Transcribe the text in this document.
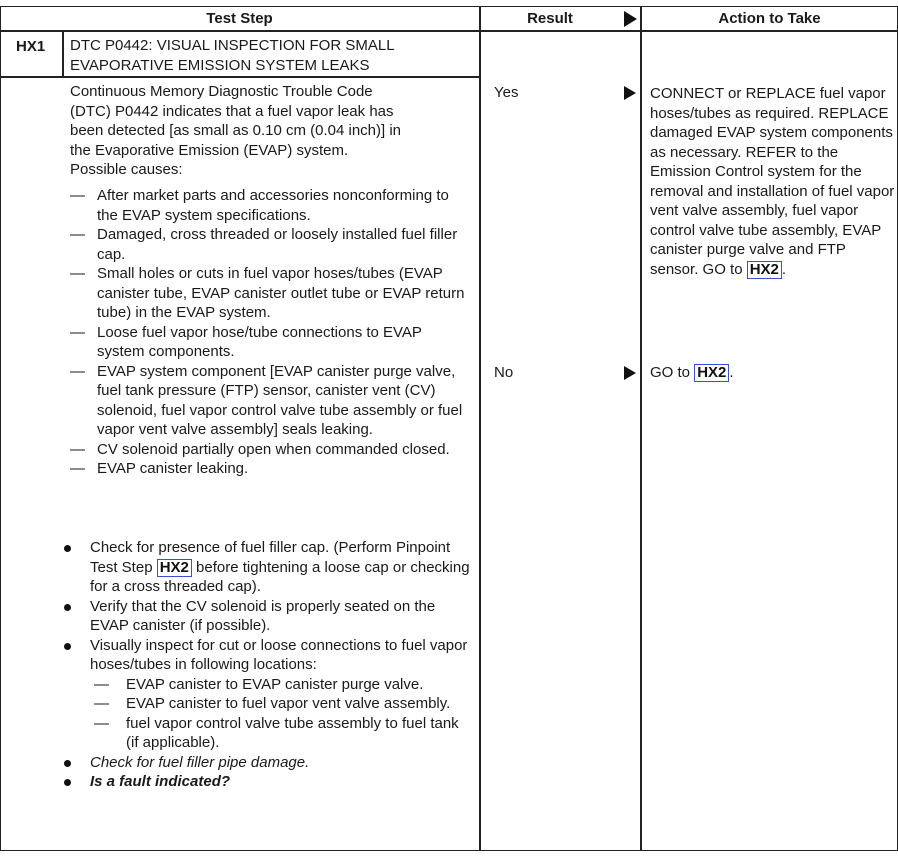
Test Step	Result	Action to Take
HX1 DTC P0442: VISUAL INSPECTION FOR SMALL
EVAPORATIVE EMISSION SYSTEM LEAKS
Continuous Memory Diagnostic Trouble Code
(DTC) P0442 indicates that a fuel vapor leak has
been detected [as small as 0.10 cm (0.04 inch)] in
the Evaporative Emission (EVAP) system.
Possible causes:
— After market parts and accessories nonconforming to the EVAP system specifications.
— Damaged, cross threaded or loosely installed fuel filler cap.
— Small holes or cuts in fuel vapor hoses/tubes (EVAP canister tube, EVAP canister outlet tube or EVAP return tube) in the EVAP system.
— Loose fuel vapor hose/tube connections to EVAP system components.
— EVAP system component [EVAP canister purge valve, fuel tank pressure (FTP) sensor, canister vent (CV) solenoid, fuel vapor control valve tube assembly or fuel vapor vent valve assembly] seals leaking.
— CV solenoid partially open when commanded closed.
— EVAP canister leaking.
Check for presence of fuel filler cap. (Perform Pinpoint Test Step HX2 before tightening a loose cap or checking for a cross threaded cap).
Verify that the CV solenoid is properly seated on the EVAP canister (if possible).
Visually inspect for cut or loose connections to fuel vapor hoses/tubes in following locations:
— EVAP canister to EVAP canister purge valve.
— EVAP canister to fuel vapor vent valve assembly.
— fuel vapor control valve tube assembly to fuel tank (if applicable).
Check for fuel filler pipe damage.
Is a fault indicated?
Yes
No
CONNECT or REPLACE fuel vapor hoses/tubes as required. REPLACE damaged EVAP system components as necessary. REFER to the Emission Control system for the removal and installation of fuel vapor vent valve assembly, fuel vapor control valve tube assembly, EVAP canister purge valve and FTP sensor. GO to HX2 .
GO to HX2 .
